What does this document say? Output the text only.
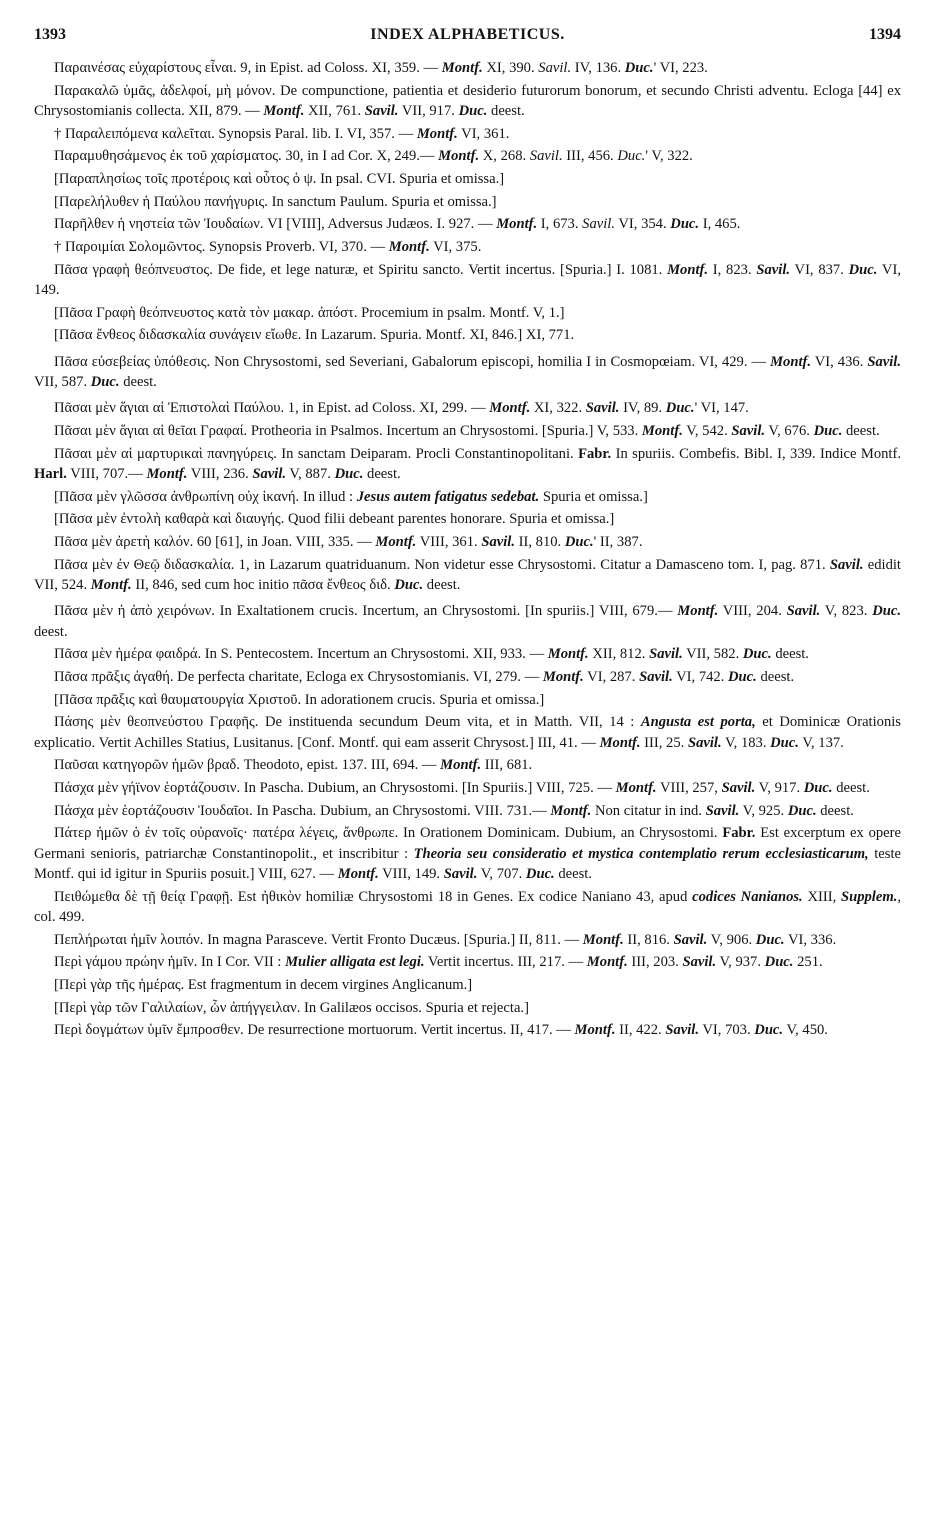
1393	INDEX ALPHABETICUS.	1394

Παραινέσας εὐχαρίστους εἶναι. 9, in Epist. ad Coloss. XI, 359. — Montf. XI, 390. Savil. IV, 136. Duc.' VI, 223.

Παρακαλῶ ὑμᾶς, ἀδελφοί, μὴ μόνον. De compunctione, patientia et desiderio futurorum bonorum, et secundo Christi adventu. Ecloga [44] ex Chrysostomianis collecta. XII, 879. — Montf. XII, 761. Savil. VII, 917. Duc. deest.

† Παραλειπόμενα καλεῖται. Synopsis Paral. lib. I. VI, 357. — Montf. VI, 361.

Παραμυθησάμενος ἐκ τοῦ χαρίσματος. 30, in I ad Cor. X, 249.— Montf. X, 268. Savil. III, 456. Duc.' V, 322.

[Παραπλησίως τοῖς προτέροις καὶ οὗτος ὁ ψ. In psal. CVI. Spuria et omissa.]

[Παρελήλυθεν ἡ Παύλου πανήγυρις. In sanctum Paulum. Spuria et omissa.]

Παρῆλθεν ἡ νηστεία τῶν Ἰουδαίων. VI [VIII], Adversus Judæos. I. 927. — Montf. I, 673. Savil. VI, 354. Duc. I, 465.

† Παροιμίαι Σολομῶντος. Synopsis Proverb. VI, 370. — Montf. VI, 375.

Πᾶσα γραφὴ θεόπνευστος. De fide, et lege naturæ, et Spiritu sancto. Vertit incertus. [Spuria.] I. 1081. Montf. I, 823. Savil. VI, 837. Duc. VI, 149.

[Πᾶσα Γραφὴ θεόπνευστος κατὰ τὸν μακαρ. ἀπόστ. Procemium in psalm. Montf. V, 1.]

[Πᾶσα ἔνθεος διδασκαλία συνάγειν εἴωθε. In Lazarum. Spuria. Montf. XI, 846.] XI, 771.

Πᾶσα εὐσεβείας ὑπόθεσις. Non Chrysostomi, sed Severiani, Gabalorum episcopi, homilia I in Cosmopœiam. VI, 429. — Montf. VI, 436. Savil. VII, 587. Duc. deest.

Πᾶσαι μὲν ἅγιαι αἱ Ἐπιστολαὶ Παύλου. 1, in Epist. ad Coloss. XI, 299. — Montf. XI, 322. Savil. IV, 89. Duc.' VI, 147.

Πᾶσαι μὲν ἅγιαι αἱ θεῖαι Γραφαί. Protheoria in Psalmos. Incertum an Chrysostomi. [Spuria.] V, 533. Montf. V, 542. Savil. V, 676. Duc. deest.

Πᾶσαι μὲν αἱ μαρτυρικαὶ πανηγύρεις. In sanctam Deiparam. Procli Constantinopolitani. Fabr. In spuriis. Combefis. Bibl. I, 339. Indice Montf. Harl. VIII, 707.— Montf. VIII, 236. Savil. V, 887. Duc. deest.

[Πᾶσα μὲν γλῶσσα ἀνθρωπίνη οὐχ ἱκανή. In illud : Jesus autem fatigatus sedebat. Spuria et omissa.]

[Πᾶσα μὲν ἐντολὴ καθαρὰ καὶ διαυγής. Quod filii debeant parentes honorare. Spuria et omissa.]

Πᾶσα μὲν ἀρετὴ καλόν. 60 [61], in Joan. VIII, 335. — Montf. VIII, 361. Savil. II, 810. Duc.' II, 387.

Πᾶσα μὲν ἐν Θεῷ διδασκαλία. 1, in Lazarum quatriduanum. Non videtur esse Chrysostomi. Citatur a Damasceno tom. I, pag. 871. Savil. edidit VII, 524. Montf. II, 846, sed cum hoc initio πᾶσα ἔνθεος διδ. Duc. deest.

Πᾶσα μὲν ἡ ἀπὸ χειρόνων. In Exaltationem crucis. Incertum, an Chrysostomi. [In spuriis.] VIII, 679.— Montf. VIII, 204. Savil. V, 823. Duc. deest.

Πᾶσα μὲν ἡμέρα φαιδρά. In S. Pentecostem. Incertum an Chrysostomi. XII, 933. — Montf. XII, 812. Savil. VII, 582. Duc. deest.

Πᾶσα πρᾶξις ἀγαθή. De perfecta charitate, Ecloga ex Chrysostomianis. VI, 279. — Montf. VI, 287. Savil. VI, 742. Duc. deest.

[Πᾶσα πρᾶξις καὶ θαυματουργία Χριστοῦ. In adorationem crucis. Spuria et omissa.]

Πάσης μὲν θεοπνεύστου Γραφῆς. De instituenda secundum Deum vita, et in Matth. VII, 14 : Angusta est porta, et Dominicæ Orationis explicatio. Vertit Achilles Statius, Lusitanus. [Conf. Montf. qui eam asserit Chrysost.] III, 41. — Montf. III, 25. Savil. V, 183. Duc. V, 137.

Παῦσαι κατηγορῶν ἡμῶν βραδ. Theodoto, epist. 137. III, 694. — Montf. III, 681.

Πάσχα μὲν γήϊνον ἑορτάζουσιν. In Pascha. Dubium, an Chrysostomi. [In Spuriis.] VIII, 725. — Montf. VIII, 257, Savil. V, 917. Duc. deest.

Πάσχα μὲν ἑορτάζουσιν Ἰουδαῖοι. In Pascha. Dubium, an Chrysostomi. VIII. 731.— Montf. Non citatur in ind. Savil. V, 925. Duc. deest.

Πάτερ ἡμῶν ὁ ἐν τοῖς οὐρανοῖς· πατέρα λέγεις, ἄνθρωπε. In Orationem Dominicam. Dubium, an Chrysostomi. Fabr. Est excerptum ex opere Germani senioris, patriarchæ Constantinopolit., et inscribitur : Theoria seu consideratio et mystica contemplatio rerum ecclesiasticarum, teste Montf. qui id igitur in Spuriis posuit.] VIII, 627. — Montf. VIII, 149. Savil. V, 707. Duc. deest.

Πειθώμεθα δὲ τῇ θείᾳ Γραφῇ. Est ἠθικὸν homiliæ Chrysostomi 18 in Genes. Ex codice Naniano 43, apud codices Nanianos. XIII, Supplem., col. 499.

Πεπλήρωται ἡμῖν λοιπόν. In magna Parasceve. Vertit Fronto Ducæus. [Spuria.] II, 811. — Montf. II, 816. Savil. V, 906. Duc. VI, 336.

Περὶ γάμου πρώην ἡμῖν. In I Cor. VII : Mulier alligata est legi. Vertit incertus. III, 217. — Montf. III, 203. Savil. V, 937. Duc. 251.

[Περὶ γὰρ τῆς ἡμέρας. Est fragmentum in decem virgines Anglicanum.]

[Περὶ γὰρ τῶν Γαλιλαίων, ὧν ἀπήγγειλαν. In Galilæos occisos. Spuria et rejecta.]

Περὶ δογμάτων ὑμῖν ἔμπροσθεν. De resurrectione mortuorum. Vertit incertus. II, 417. — Montf. II, 422. Savil. VI, 703. Duc. V, 450.
